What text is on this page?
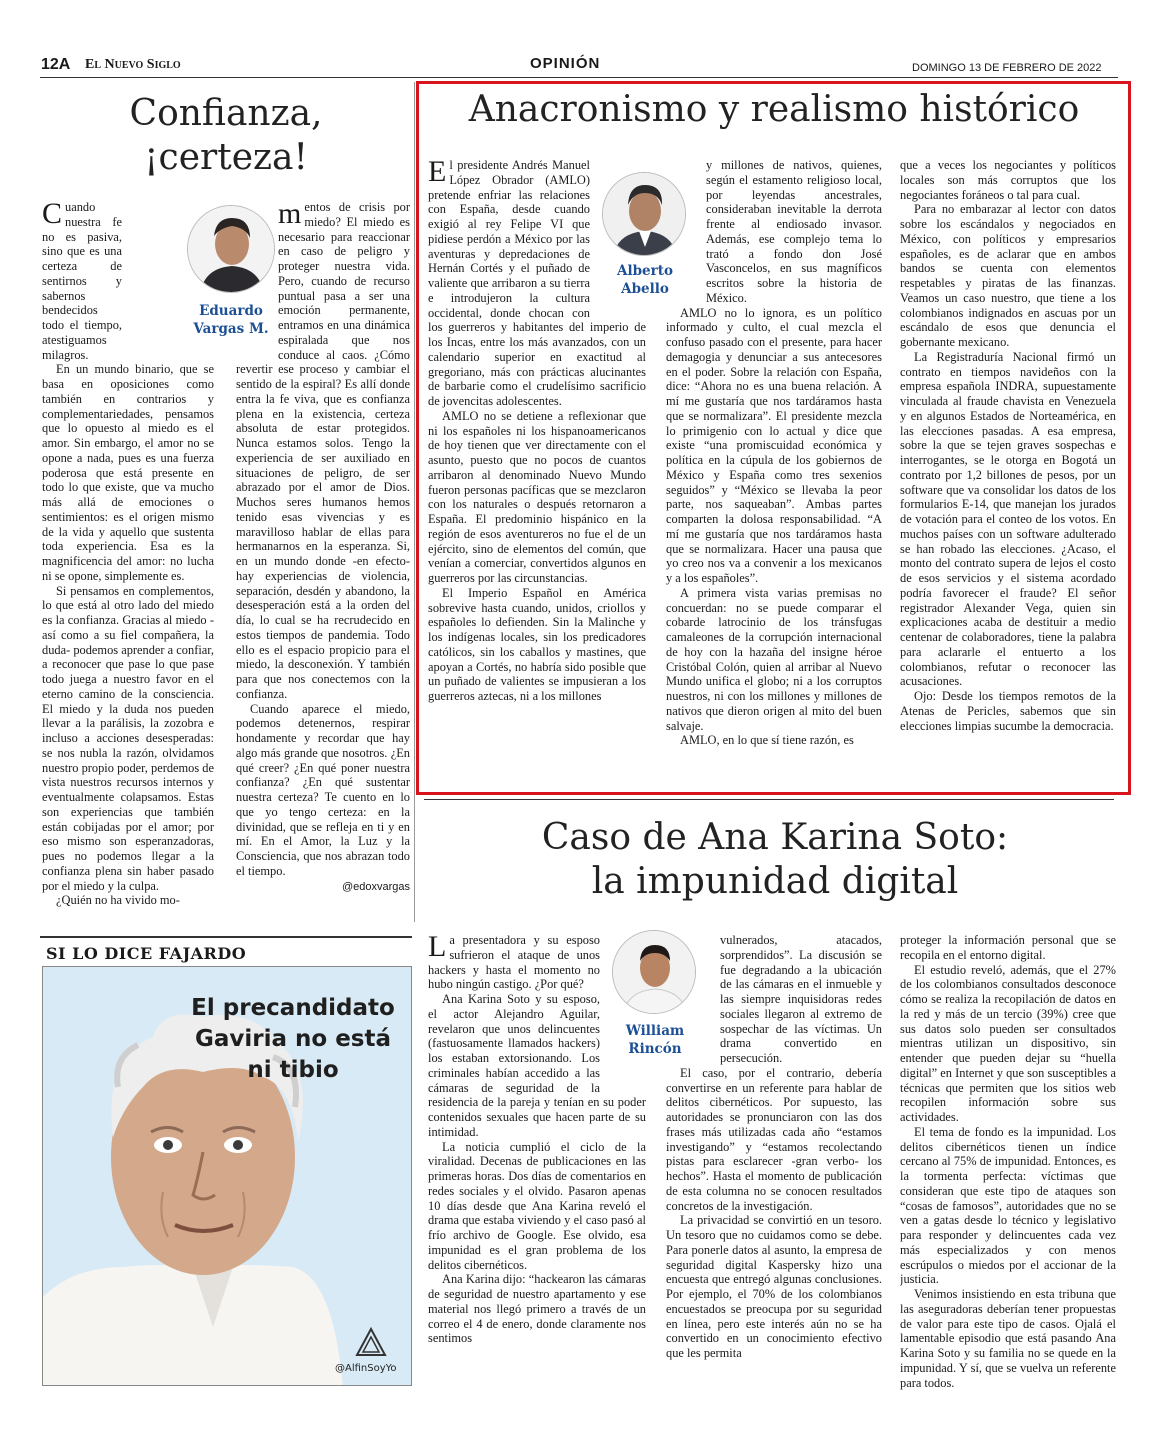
12A El Nuevo Siglo	OPINIÓN	DOMINGO 13 DE FEBRERO DE 2022
Confianza,
¡certeza!
Eduardo
Vargas M.

Cuando nuestra fe no es pasiva, sino que es una certeza de sentirnos y sabernos bendecidos todo el tiempo, atestiguamos milagros.

En un mundo binario, que se basa en oposiciones como también en contrarios y complementariedades, pensamos que lo opuesto al miedo es el amor. Sin embargo, el amor no se opone a nada, pues es una fuerza poderosa que está presente en todo lo que existe, que va mucho más allá de emociones o sentimientos: es el origen mismo de la vida y aquello que sustenta toda experiencia. Esa es la magnificencia del amor: no lucha ni se opone, simplemente es.

Si pensamos en complementos, lo que está al otro lado del miedo es la confianza. Gracias al miedo -así como a su fiel compañera, la duda- podemos aprender a confiar, a reconocer que pase lo que pase todo juega a nuestro favor en el eterno camino de la consciencia. El miedo y la duda nos pueden llevar a la parálisis, la zozobra e incluso a acciones desesperadas: se nos nubla la razón, olvidamos nuestro propio poder, perdemos de vista nuestros recursos internos y eventualmente colapsamos. Estas son experiencias que también están cobijadas por el amor; por eso mismo son esperanzadoras, pues no podemos llegar a la confianza plena sin haber pasado por el miedo y la culpa.

¿Quién no ha vivido mo-

mentos de crisis por miedo? El miedo es necesario para reaccionar en caso de peligro y proteger nuestra vida. Pero, cuando de recurso puntual pasa a ser una emoción permanente, entramos en una dinámica espiralada que nos conduce al caos. ¿Cómo revertir ese proceso y cambiar el sentido de la espiral? Es allí donde entra la fe viva, que es confianza plena en la existencia, certeza absoluta de estar protegidos. Nunca estamos solos. Tengo la experiencia de ser auxiliado en situaciones de peligro, de ser abrazado por el amor de Dios. Muchos seres humanos hemos tenido esas vivencias y es maravilloso hablar de ellas para hermanarnos en la esperanza. Si, en un mundo donde -en efecto- hay experiencias de violencia, separación, desdén y abandono, la desesperación está a la orden del día, lo cual se ha recrudecido en estos tiempos de pandemia. Todo ello es el espacio propicio para el miedo, la desconexión. Y también para que nos conectemos con la confianza.

Cuando aparece el miedo, podemos detenernos, respirar hondamente y recordar que hay algo más grande que nosotros. ¿En qué creer? ¿En qué poner nuestra confianza? ¿En qué sustentar nuestra certeza? Te cuento en lo que yo tengo certeza: en la divinidad, que se refleja en ti y en mí. En el Amor, la Luz y la Consciencia, que nos abrazan todo el tiempo.

@edoxvargas

SI LO DICE FAJARDO
El precandidato
Gaviria no está
ni tibio
@AlfinSoyYo
Anacronismo y realismo histórico
Alberto
Abello

El presidente Andrés Manuel López Obrador (AMLO) pretende enfriar las relaciones con España, desde cuando exigió al rey Felipe VI que pidiese perdón a México por las aventuras y depredaciones de Hernán Cortés y el puñado de valiente que arribaron a su tierra e introdujeron la cultura occidental, donde chocan con los guerreros y habitantes del imperio de los Incas, entre los más avanzados, con un calendario superior en exactitud al gregoriano, más con prácticas alucinantes de barbarie como el crudelísimo sacrificio de jovencitas adolescentes.

AMLO no se detiene a reflexionar que ni los españoles ni los hispanoamericanos de hoy tienen que ver directamente con el asunto, puesto que no pocos de cuantos arribaron al denominado Nuevo Mundo fueron personas pacíficas que se mezclaron con los naturales o después retornaron a España. El predominio hispánico en la región de esos aventureros no fue el de un ejército, sino de elementos del común, que venían a comerciar, convertidos algunos en guerreros por las circunstancias.

El Imperio Español en América sobrevive hasta cuando, unidos, criollos y españoles lo defienden. Sin la Malinche y los indígenas locales, sin los predicadores católicos, sin los caballos y mastines, que apoyan a Cortés, no habría sido posible que un puñado de valientes se impusieran a los guerreros aztecas, ni a los millones

y millones de nativos, quienes, según el estamento religioso local, por leyendas ancestrales, consideraban inevitable la derrota frente al endiosado invasor. Además, ese complejo tema lo trató a fondo don José Vasconcelos, en sus magníficos escritos sobre la historia de México.

AMLO no lo ignora, es un político informado y culto, el cual mezcla el confuso pasado con el presente, para hacer demagogia y denunciar a sus antecesores en el poder. Sobre la relación con España, dice: “Ahora no es una buena relación. A mí me gustaría que nos tardáramos hasta que se normalizara”. El presidente mezcla lo primigenio con lo actual y dice que existe “una promiscuidad económica y política en la cúpula de los gobiernos de México y España como tres sexenios seguidos” y “México se llevaba la peor parte, nos saqueaban”. Ambas partes comparten la dolosa responsabilidad. “A mí me gustaría que nos tardáramos hasta que se normalizara. Hacer una pausa que yo creo nos va a convenir a los mexicanos y a los españoles”.

A primera vista varias premisas no concuerdan: no se puede comparar el cobarde latrocinio de los tránsfugas camaleones de la corrupción internacional de hoy con la hazaña del insigne héroe Cristóbal Colón, quien al arribar al Nuevo Mundo unifica el globo; ni a los corruptos nuestros, ni con los millones y millones de nativos que dieron origen al mito del buen salvaje.

AMLO, en lo que sí tiene razón, es

que a veces los negociantes y políticos locales son más corruptos que los negociantes foráneos o tal para cual.

Para no embarazar al lector con datos sobre los escándalos y negociados en México, con políticos y empresarios españoles, es de aclarar que en ambos bandos se cuenta con elementos respetables y piratas de las finanzas. Veamos un caso nuestro, que tiene a los colombianos indignados en ascuas por un escándalo de esos que denuncia el gobernante mexicano.

La Registraduría Nacional firmó un contrato en tiempos navideños con la empresa española INDRA, supuestamente vinculada al fraude chavista en Venezuela y en algunos Estados de Norteamérica, en las elecciones pasadas. A esa empresa, sobre la que se tejen graves sospechas e interrogantes, se le otorga en Bogotá un contrato por 1,2 billones de pesos, por un software que va consolidar los datos de los formularios E-14, que manejan los jurados de votación para el conteo de los votos. En muchos países con un software adulterado se han robado las elecciones. ¿Acaso, el monto del contrato supera de lejos el costo de esos servicios y el sistema acordado podría favorecer el fraude? El señor registrador Alexander Vega, quien sin explicaciones acaba de destituir a medio centenar de colaboradores, tiene la palabra para aclararle el entuerto a los colombianos, refutar o reconocer las acusaciones.

Ojo: Desde los tiempos remotos de la Atenas de Pericles, sabemos que sin elecciones limpias sucumbe la democracia.

Caso de Ana Karina Soto:
la impunidad digital
William
Rincón

La presentadora y su esposo sufrieron el ataque de unos hackers y hasta el momento no hubo ningún castigo. ¿Por qué?

Ana Karina Soto y su esposo, el actor Alejandro Aguilar, revelaron que unos delincuentes (fastuosamente llamados hackers) los estaban extorsionando. Los criminales habían accedido a las cámaras de seguridad de la residencia de la pareja y tenían en su poder contenidos sexuales que hacen parte de su intimidad.

La noticia cumplió el ciclo de la viralidad. Decenas de publicaciones en las primeras horas. Dos días de comentarios en redes sociales y el olvido. Pasaron apenas 10 días desde que Ana Karina reveló el drama que estaba viviendo y el caso pasó al frío archivo de Google. Ese olvido, esa impunidad es el gran problema de los delitos cibernéticos.

Ana Karina dijo: “hackearon las cámaras de seguridad de nuestro apartamento y ese material nos llegó primero a través de un correo el 4 de enero, donde claramente nos sentimos

vulnerados, atacados, sorprendidos”. La discusión se fue degradando a la ubicación de las cámaras en el inmueble y las siempre inquisidoras redes sociales llegaron al extremo de sospechar de las víctimas. Un drama convertido en persecución.

El caso, por el contrario, debería convertirse en un referente para hablar de delitos cibernéticos. Por supuesto, las autoridades se pronunciaron con las dos frases más utilizadas cada año “estamos investigando” y “estamos recolectando pistas para esclarecer -gran verbo- los hechos”. Hasta el momento de publicación de esta columna no se conocen resultados concretos de la investigación.

La privacidad se convirtió en un tesoro. Un tesoro que no cuidamos como se debe. Para ponerle datos al asunto, la empresa de seguridad digital Kaspersky hizo una encuesta que entregó algunas conclusiones. Por ejemplo, el 70% de los colombianos encuestados se preocupa por su seguridad en línea, pero este interés aún no se ha convertido en un conocimiento efectivo que les permita

proteger la información personal que se recopila en el entorno digital.

El estudio reveló, además, que el 27% de los colombianos consultados desconoce cómo se realiza la recopilación de datos en la red y más de un tercio (39%) cree que sus datos solo pueden ser consultados mientras utilizan un dispositivo, sin entender que pueden dejar su “huella digital” en Internet y que son susceptibles a técnicas que permiten que los sitios web recopilen información sobre sus actividades.

El tema de fondo es la impunidad. Los delitos cibernéticos tienen un índice cercano al 75% de impunidad. Entonces, es la tormenta perfecta: víctimas que consideran que este tipo de ataques son “cosas de famosos”, autoridades que no se ven a gatas desde lo técnico y legislativo para responder y delincuentes cada vez más especializados y con menos escrúpulos o miedos por el accionar de la justicia.

Venimos insistiendo en esta tribuna que las aseguradoras deberían tener propuestas de valor para este tipo de casos. Ojalá el lamentable episodio que está pasando Ana Karina Soto y su familia no se quede en la impunidad. Y sí, que se vuelva un referente para todos.
